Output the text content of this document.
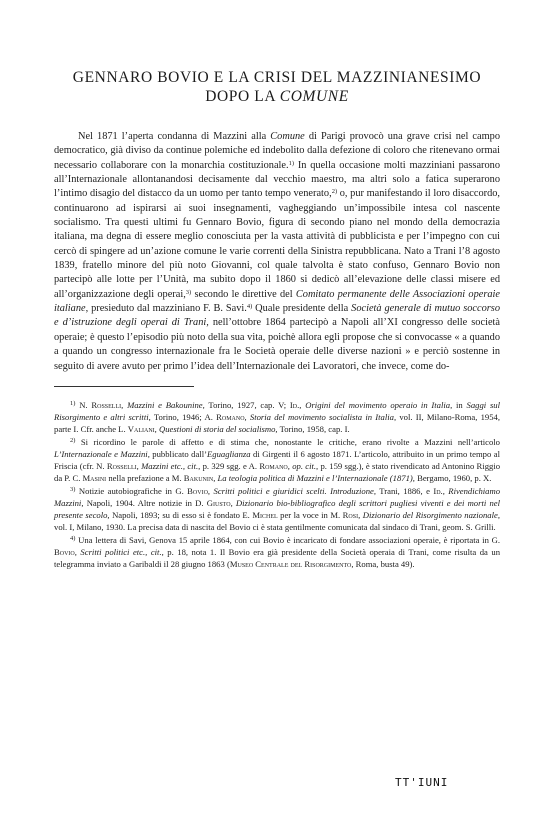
GENNARO BOVIO E LA CRISI DEL MAZZINIANESIMO
DOPO LA COMUNE

Nel 1871 l’aperta condanna di Mazzini alla Comune di Parigi provocò una grave crisi nel campo democratico, già diviso da continue polemiche ed indebolito dalla defezione di coloro che ritenevano ormai necessario collaborare con la monarchia costituzionale.$^{1)}$ In quella occasione molti mazziniani passarono all’Internazionale allontanandosi decisamente dal vecchio maestro, ma altri solo a fatica superarono l’intimo disagio del distacco da un uomo per tanto tempo venerato,$^{2)}$ o, pur manifestando il loro disaccordo, continuarono ad ispirarsi ai suoi insegnamenti, vagheggiando un’impossibile intesa col nascente socialismo. Tra questi ultimi fu Gennaro Bovio, figura di secondo piano nel mondo della democrazia italiana, ma degna di essere meglio conosciuta per la vasta attività di pubblicista e per l’impegno con cui cercò di spingere ad un’azione comune le varie correnti della Sinistra repubblicana. Nato a Trani l’8 agosto 1839, fratello minore del più noto Giovanni, col quale talvolta è stato confuso, Gennaro Bovio non partecipò alle lotte per l’Unità, ma subito dopo il 1860 si dedicò all’elevazione delle classi misere ed all’organizzazione degli operai,$^{3)}$ secondo le direttive del Comitato permanente delle Associazioni operaie italiane, presieduto dal mazziniano F. B. Savi.$^{4)}$ Quale presidente della Società generale di mutuo soccorso e d’istruzione degli operai di Trani, nell’ottobre 1864 partecipò a Napoli all’XI congresso delle società operaie; è questo l’episodio più noto della sua vita, poichè allora egli propose che si convocasse « a quando a quando un congresso internazionale fra le Società operaie delle diverse nazioni » e perciò sostenne in seguito di avere avuto per primo l’idea dell’Internazionale dei Lavoratori, che invece, come do-

$^{1)}$ N. Rosselli, Mazzini e Bakounine, Torino, 1927, cap. V; Id., Origini del movimento operaio in Italia, in Saggi sul Risorgimento e altri scritti, Torino, 1946; A. Romano, Storia del movimento socialista in Italia, vol. II, Milano-Roma, 1954, parte I. Cfr. anche L. Valiani, Questioni di storia del socialismo, Torino, 1958, cap. I.

$^{2)}$ Si ricordino le parole di affetto e di stima che, nonostante le critiche, erano rivolte a Mazzini nell’articolo L’Internazionale e Mazzini, pubblicato dall’Eguaglianza di Girgenti il 6 agosto 1871. L’articolo, attribuito in un primo tempo al Friscia (cfr. N. Rosselli, Mazzini etc., cit., p. 329 sgg. e A. Romano, op. cit., p. 159 sgg.), è stato rivendicato ad Antonino Riggio da P. C. Masini nella prefazione a M. Bakunin, La teologia politica di Mazzini e l’Internazionale (1871), Bergamo, 1960, p. X.

$^{3)}$ Notizie autobiografiche in G. Bovio, Scritti politici e giuridici scelti. Introduzione, Trani, 1886, e Id., Rivendichiamo Mazzini, Napoli, 1904. Altre notizie in D. Giusto, Dizionario bio-bibliografico degli scrittori pugliesi viventi e dei morti nel presente secolo, Napoli, 1893; su di esso si è fondato E. Michel per la voce in M. Rosi, Dizionario del Risorgimento nazionale, vol. I, Milano, 1930. La precisa data di nascita del Bovio ci è stata gentilmente comunicata dal sindaco di Trani, geom. S. Grilli.

$^{4)}$ Una lettera di Savi, Genova 15 aprile 1864, con cui Bovio è incaricato di fondare associazioni operaie, è riportata in G. Bovio, Scritti politici etc., cit., p. 18, nota 1. Il Bovio era già presidente della Società operaia di Trani, come risulta da un telegramma inviato a Garibaldi il 28 giugno 1863 (Museo Centrale del Risorgimento, Roma, busta 49).

TT'IUNI
